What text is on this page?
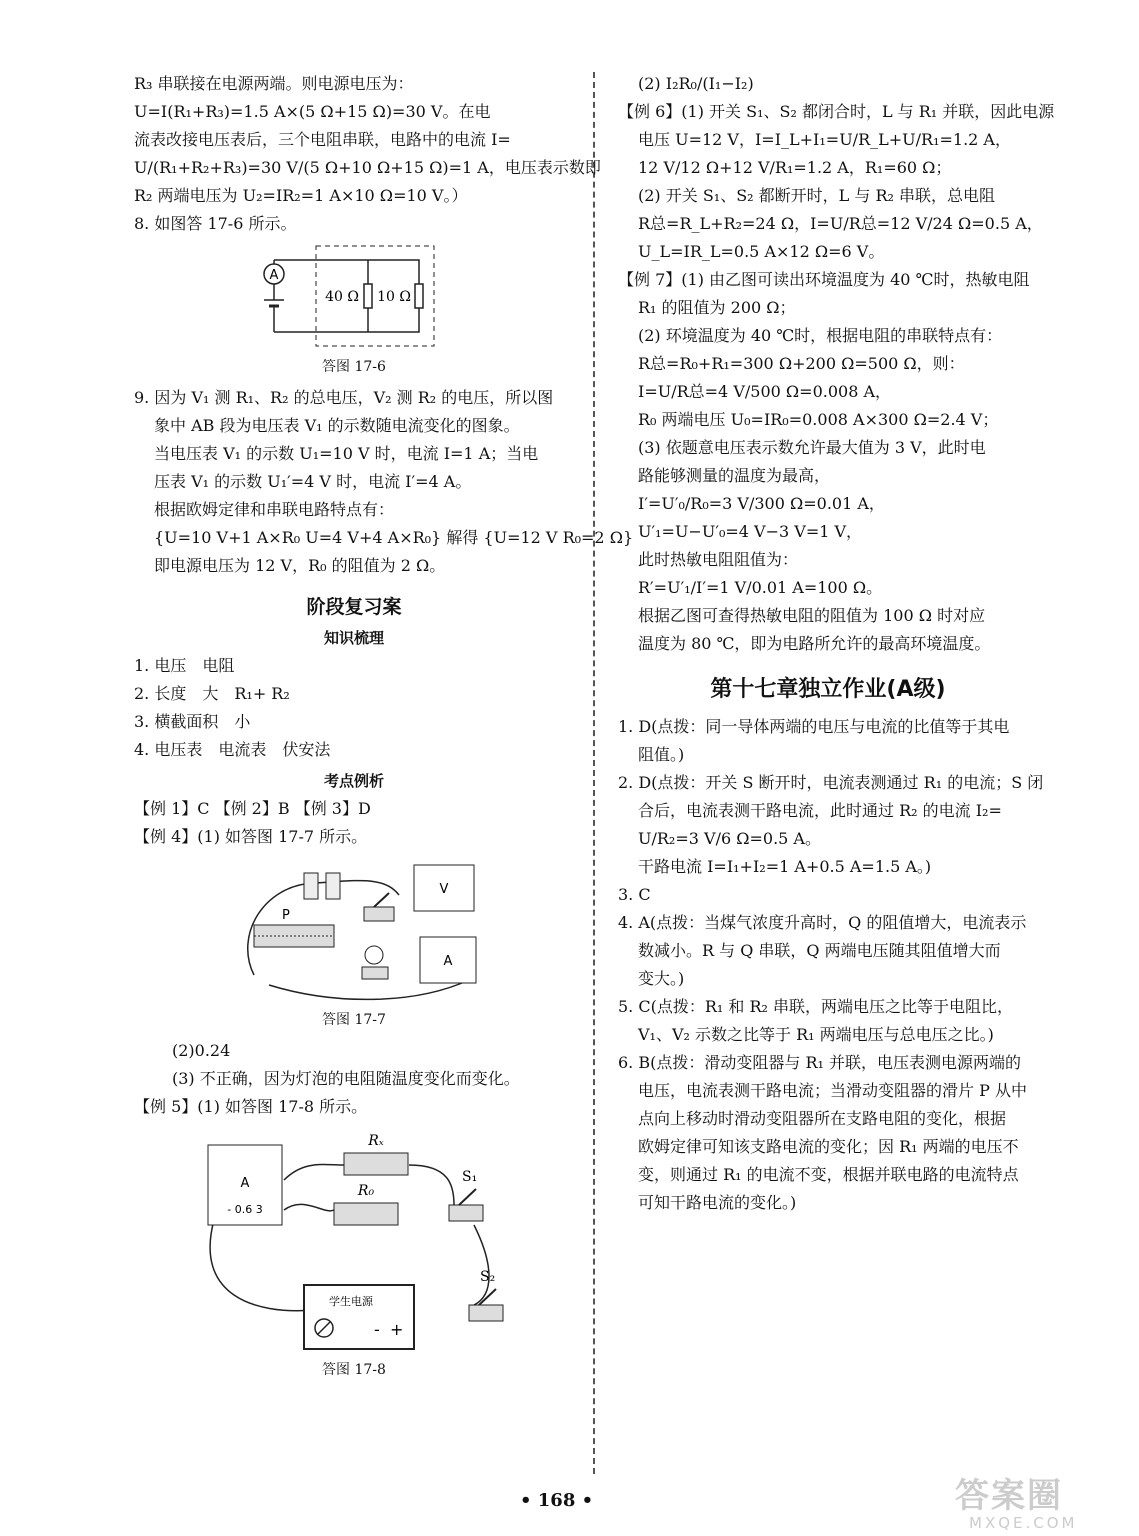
R₃ 串联接在电源两端。则电源电压为：

U=I(R₁+R₃)=1.5 A×(5 Ω+15 Ω)=30 V。在电

流表改接电压表后，三个电阻串联，电路中的电流 I=

U/(R₁+R₂+R₃)=30 V/(5 Ω+10 Ω+15 Ω)=1 A，电压表示数即

R₂ 两端电压为 U₂=IR₂=1 A×10 Ω=10 V。）

8. 如图答 17-6 所示。

A
40 Ω 10 Ω

答图 17-6

9. 因为 V₁ 测 R₁、R₂ 的总电压，V₂ 测 R₂ 的电压，所以图

象中 AB 段为电压表 V₁ 的示数随电流变化的图象。

当电压表 V₁ 的示数 U₁=10 V 时，电流 I=1 A；当电

压表 V₁ 的示数 U₁′=4 V 时，电流 I′=4 A。

根据欧姆定律和串联电路特点有：

{U=10 V+1 A×R₀ U=4 V+4 A×R₀} 解得 {U=12 V R₀=2 Ω}

即电源电压为 12 V，R₀ 的阻值为 2 Ω。

阶段复习案

知识梳理

1. 电压　电阻

2. 长度　大　R₁+ R₂

3. 横截面积　小

4. 电压表　电流表　伏安法

考点例析

【例 1】C 【例 2】B 【例 3】D

【例 4】(1) 如答图 17-7 所示。

P
V
A

答图 17-7

(2)0.24

(3) 不正确，因为灯泡的电阻随温度变化而变化。

【例 5】(1) 如答图 17-8 所示。

A
- 0.6 3
Rₓ
R₀
S₁
S₂
学生电源
- +

答图 17-8

(2) I₂R₀/(I₁−I₂)

【例 6】(1) 开关 S₁、S₂ 都闭合时，L 与 R₁ 并联，因此电源

电压 U=12 V，I=I_L+I₁=U/R_L+U/R₁=1.2 A，

12 V/12 Ω+12 V/R₁=1.2 A，R₁=60 Ω；

(2) 开关 S₁、S₂ 都断开时，L 与 R₂ 串联，总电阻

R总=R_L+R₂=24 Ω，I=U/R总=12 V/24 Ω=0.5 A，

U_L=IR_L=0.5 A×12 Ω=6 V。

【例 7】(1) 由乙图可读出环境温度为 40 ℃时，热敏电阻

R₁ 的阻值为 200 Ω；

(2) 环境温度为 40 ℃时，根据电阻的串联特点有：

R总=R₀+R₁=300 Ω+200 Ω=500 Ω，则：

I=U/R总=4 V/500 Ω=0.008 A，

R₀ 两端电压 U₀=IR₀=0.008 A×300 Ω=2.4 V；

(3) 依题意电压表示数允许最大值为 3 V，此时电

路能够测量的温度为最高，

I′=U′₀/R₀=3 V/300 Ω=0.01 A，

U′₁=U−U′₀=4 V−3 V=1 V，

此时热敏电阻阻值为：

R′=U′₁/I′=1 V/0.01 A=100 Ω。

根据乙图可查得热敏电阻的阻值为 100 Ω 时对应

温度为 80 ℃，即为电路所允许的最高环境温度。

第十七章独立作业(A级)

1. D(点拨：同一导体两端的电压与电流的比值等于其电

阻值。)

2. D(点拨：开关 S 断开时，电流表测通过 R₁ 的电流；S 闭

合后，电流表测干路电流，此时通过 R₂ 的电流 I₂=

U/R₂=3 V/6 Ω=0.5 A。

干路电流 I=I₁+I₂=1 A+0.5 A=1.5 A。)

3. C

4. A(点拨：当煤气浓度升高时，Q 的阻值增大，电流表示

数减小。R 与 Q 串联，Q 两端电压随其阻值增大而

变大。)

5. C(点拨：R₁ 和 R₂ 串联，两端电压之比等于电阻比，

V₁、V₂ 示数之比等于 R₁ 两端电压与总电压之比。)

6. B(点拨：滑动变阻器与 R₁ 并联，电压表测电源两端的

电压，电流表测干路电流；当滑动变阻器的滑片 P 从中

点向上移动时滑动变阻器所在支路电阻的变化，根据

欧姆定律可知该支路电流的变化；因 R₁ 两端的电压不

变，则通过 R₁ 的电流不变，根据并联电路的电流特点

可知干路电流的变化。)

• 168 •	答案圈
MXQE.COM
